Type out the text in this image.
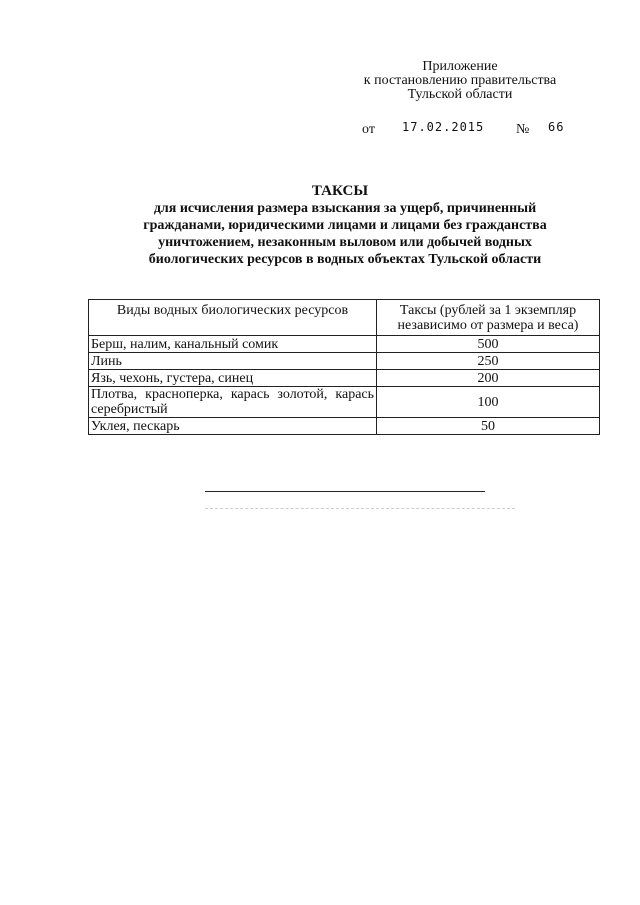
Приложение
к постановлению правительства
Тульской области
от 17.02.2015 № 66
ТАКСЫ
для исчисления размера взыскания за ущерб, причиненный
гражданами, юридическими лицами и лицами без гражданства
уничтожением, незаконным выловом или добычей водных
биологических ресурсов в водных объектах Тульской области
Виды водных биологических ресурсов	Таксы (рублей за 1 экземпляр независимо от размера и веса)
Берш, налим, канальный сомик	500
Линь	250
Язь, чехонь, густера, синец	200
Плотва, красноперка, карась золотой, карась серебристый	100
Уклея, пескарь	50
